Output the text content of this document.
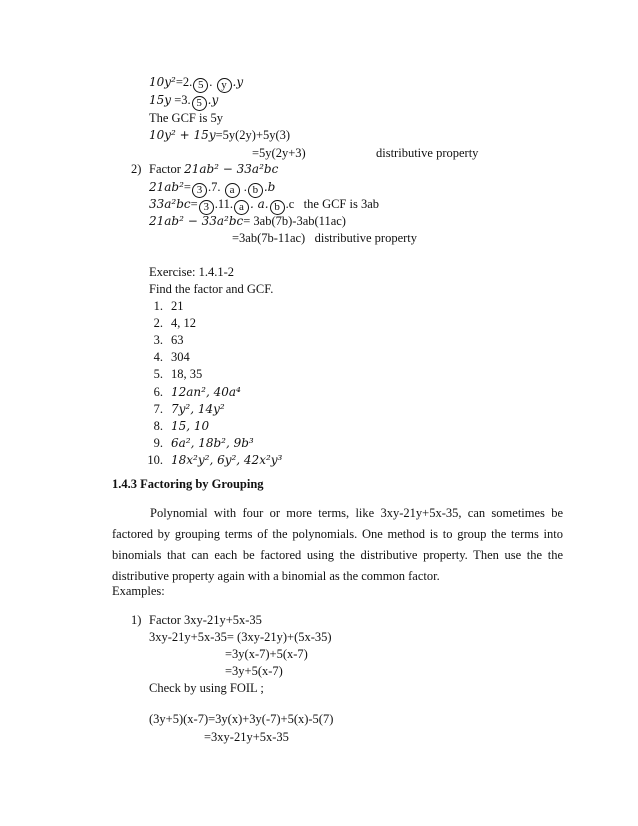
10y²=2. 5 . y .y
15y =3. 5 .y
The GCF is 5y
10y² + 15y=5y(2y)+5y(3)
=5y(2y+3)	distributive property
2) Factor 21ab² − 33a²bc
21ab²= 3 .7. a . b .b
33a²bc= 3 .11. a . a. b .c the GCF is 3ab
21ab² − 33a²bc= 3ab(7b)-3ab(11ac)
=3ab(7b-11ac) distributive property
Exercise: 1.4.1-2
Find the factor and GCF.
1. 21
2. 4, 12
3. 63
4. 304
5. 18, 35
6. 12an², 40a⁴
7. 7y², 14y²
8. 15, 10
9. 6a², 18b², 9b³
10. 18x²y², 6y², 42x²y³
1.4.3 Factoring by Grouping
Polynomial with four or more terms, like 3xy-21y+5x-35, can sometimes be factored by grouping terms of the polynomials. One method is to group the terms into binomials that can each be factored using the distributive property. Then use the the distributive property again with a binomial as the common factor.
Examples:
1) Factor 3xy-21y+5x-35
3xy-21y+5x-35= (3xy-21y)+(5x-35)
=3y(x-7)+5(x-7)
=3y+5(x-7)
Check by using FOIL ;
(3y+5)(x-7)=3y(x)+3y(-7)+5(x)-5(7)
=3xy-21y+5x-35
